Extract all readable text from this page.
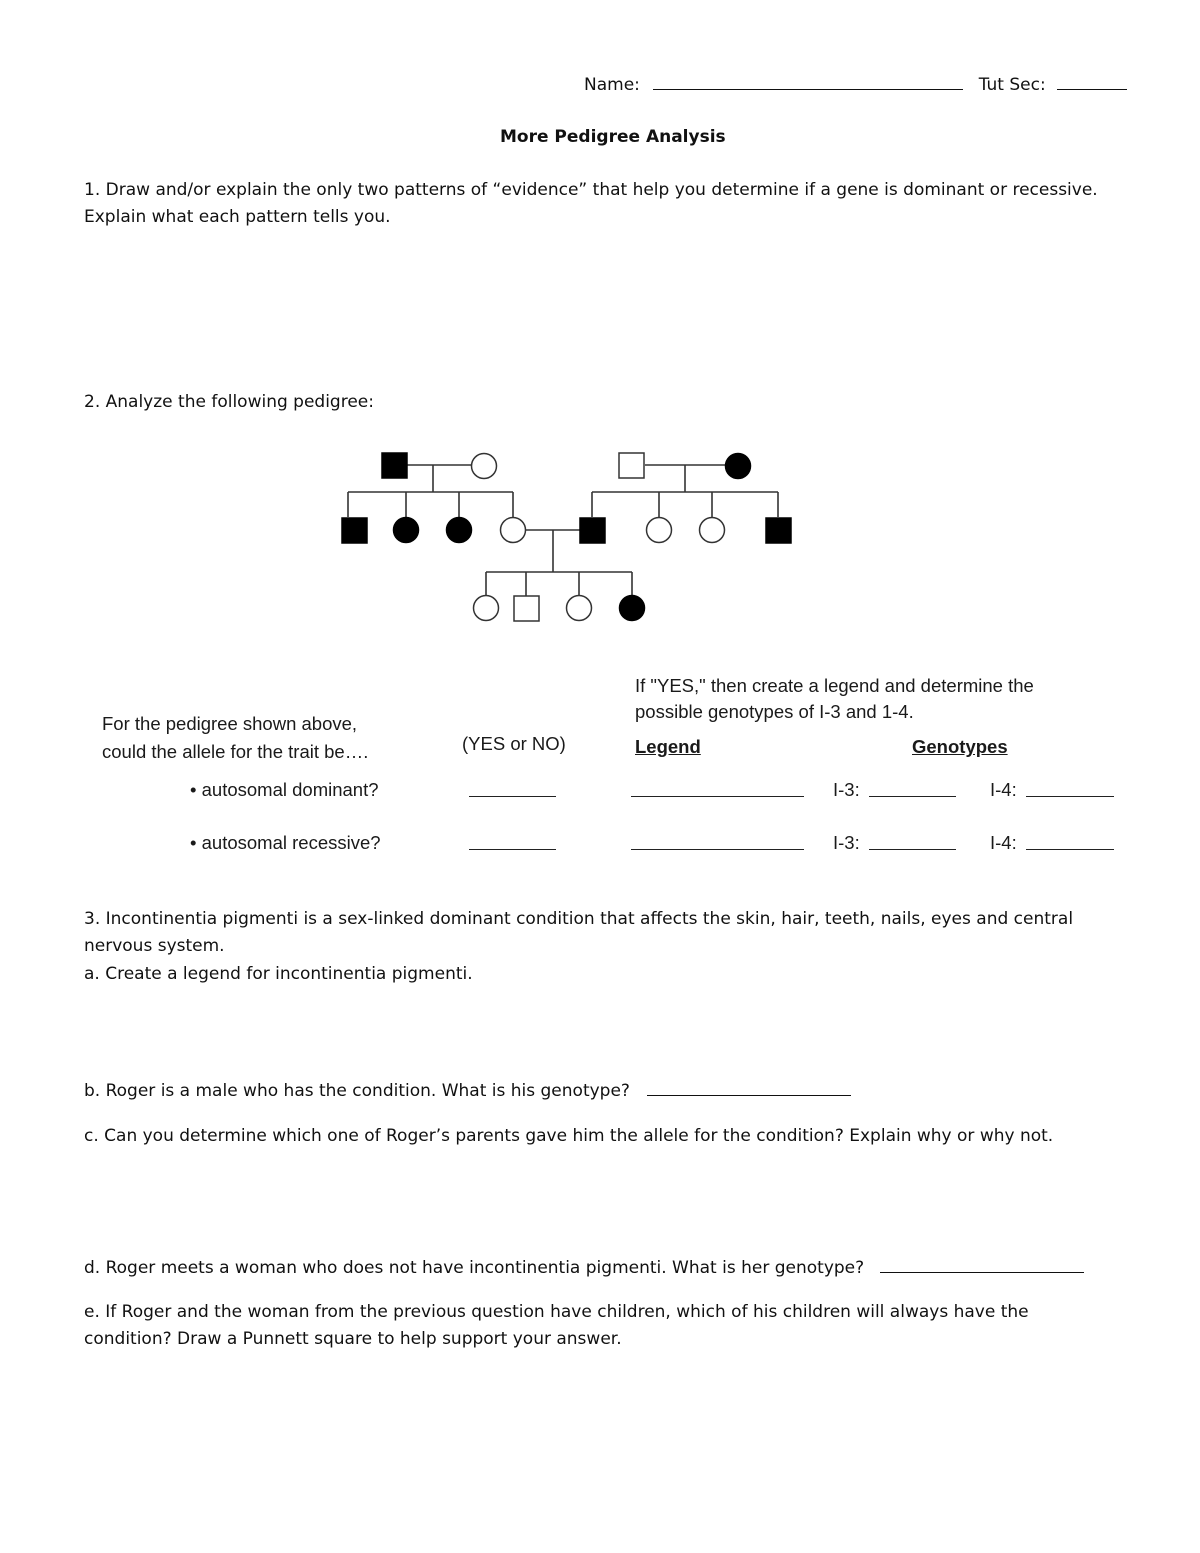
Name:	Tut Sec:
More Pedigree Analysis
1. Draw and/or explain the only two patterns of “evidence” that help you determine if a gene is dominant or recessive.
Explain what each pattern tells you.
2. Analyze the following pedigree:
For the pedigree shown above,
could the allele for the trait be….	(YES or NO)
If "YES," then create a legend and determine the
possible genotypes of I-3 and 1-4.
Legend	Genotypes
• autosomal dominant?	I-3:	I-4:
• autosomal recessive?	I-3:	I-4:
3. Incontinentia pigmenti is a sex-linked dominant condition that affects the skin, hair, teeth, nails, eyes and central
nervous system.
a. Create a legend for incontinentia pigmenti.
b. Roger is a male who has the condition. What is his genotype?
c. Can you determine which one of Roger’s parents gave him the allele for the condition? Explain why or why not.
d. Roger meets a woman who does not have incontinentia pigmenti. What is her genotype?
e. If Roger and the woman from the previous question have children, which of his children will always have the
condition? Draw a Punnett square to help support your answer.
